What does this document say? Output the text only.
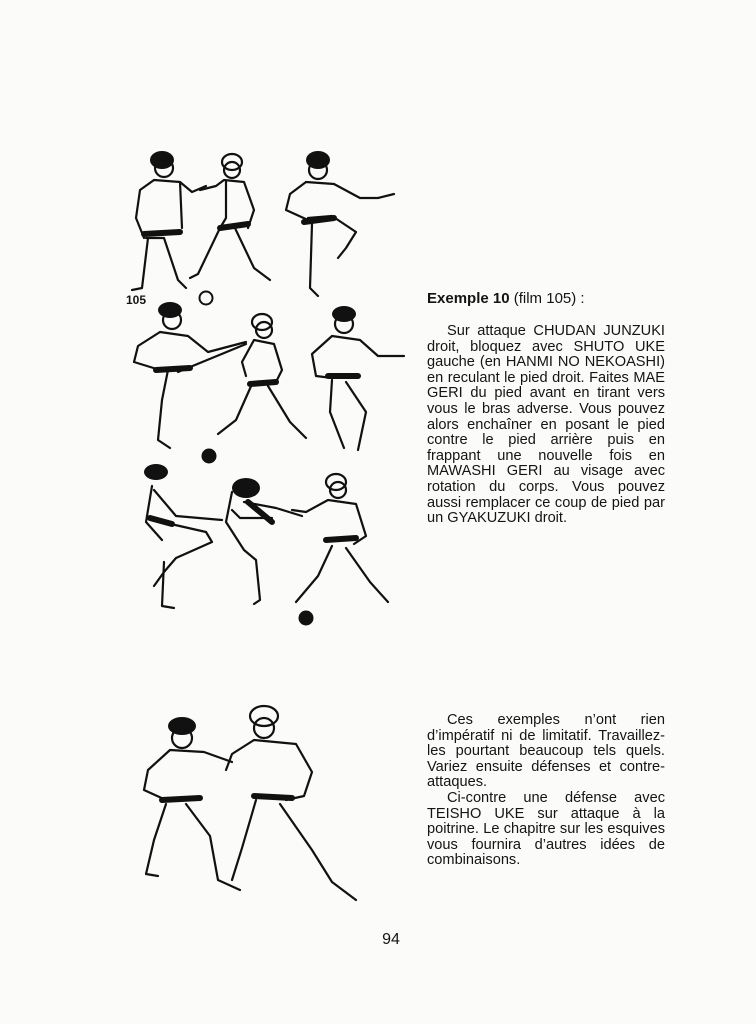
105	Exemple 10 (film 105) :

Sur attaque CHUDAN JUNZUKI droit, bloquez avec SHUTO UKE gauche (en HANMI NO NEKOASHI) en reculant le pied droit. Faites MAE GERI du pied avant en tirant vers vous le bras adverse. Vous pouvez alors enchaîner en posant le pied contre le pied arrière puis en frappant une nouvelle fois en MAWASHI GERI au visage avec rotation du corps. Vous pouvez aussi remplacer ce coup de pied par un GYAKUZUKI droit.

Ces exemples n’ont rien d’impératif ni de limitatif. Travaillez-les pourtant beaucoup tels quels. Variez ensuite défenses et contre-attaques.

Ci-contre une défense avec TEISHO UKE sur attaque à la poitrine. Le chapitre sur les esquives vous fournira d’autres idées de combinaisons.

94
